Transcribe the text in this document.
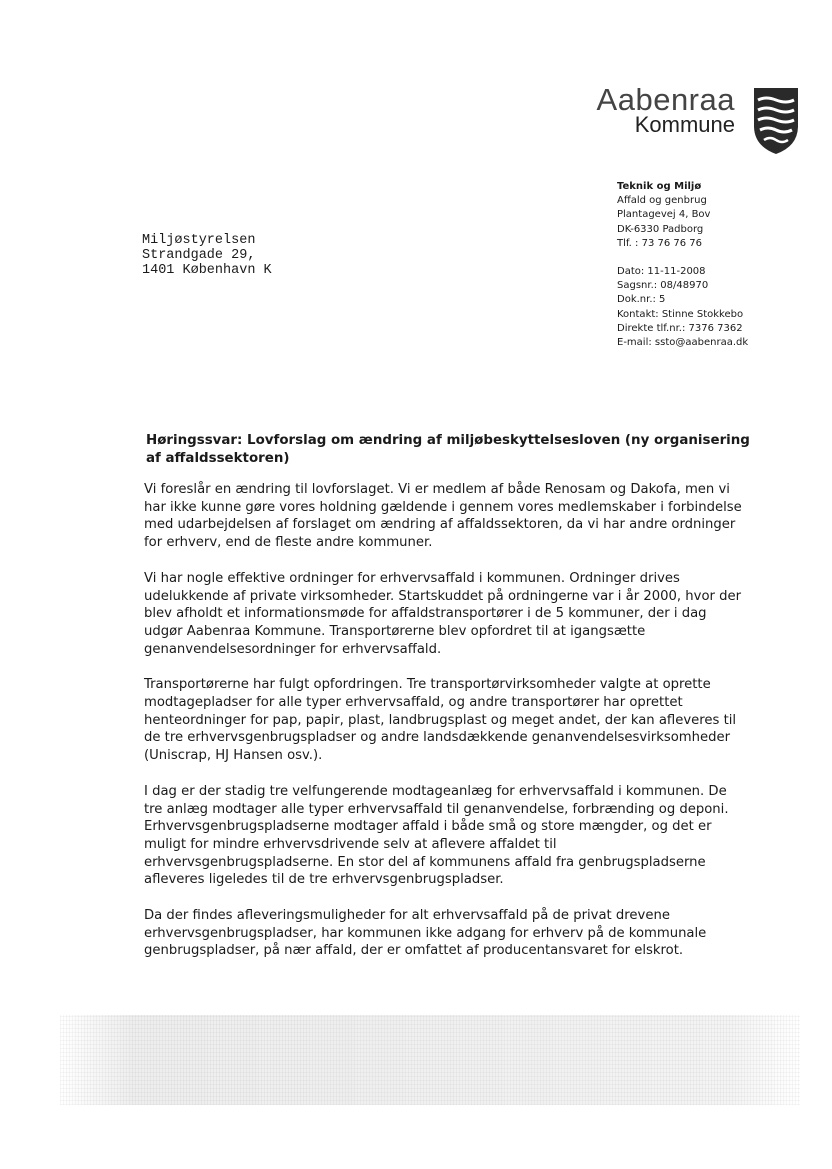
Aabenraa
Kommune
Teknik og Miljø
Affald og genbrug
Plantagevej 4, Bov
DK-6330 Padborg
Tlf. : 73 76 76 76
Miljøstyrelsen
Strandgade 29,
1401 København K	Dato: 11-11-2008
Sagsnr.: 08/48970
Dok.nr.: 5
Kontakt: Stinne Stokkebo
Direkte tlf.nr.: 7376 7362
E-mail: ssto@aabenraa.dk
Høringssvar: Lovforslag om ændring af miljøbeskyttelsesloven (ny organisering af affaldssektoren)

Vi foreslår en ændring til lovforslaget. Vi er medlem af både Renosam og Dakofa, men vi har ikke kunne gøre vores holdning gældende i gennem vores medlemskaber i forbindelse med udarbejdelsen af forslaget om ændring af affaldssektoren, da vi har andre ordninger for erhverv, end de fleste andre kommuner.

Vi har nogle effektive ordninger for erhvervsaffald i kommunen. Ordninger drives udelukkende af private virksomheder. Startskuddet på ordningerne var i år 2000, hvor der blev afholdt et informationsmøde for affaldstransportører i de 5 kommuner, der i dag udgør Aabenraa Kommune. Transportørerne blev opfordret til at igangsætte genanvendelsesordninger for erhvervsaffald.

Transportørerne har fulgt opfordringen. Tre transportørvirksomheder valgte at oprette modtagepladser for alle typer erhvervsaffald, og andre transportører har oprettet henteordninger for pap, papir, plast, landbrugsplast og meget andet, der kan afleveres til de tre erhvervsgenbrugspladser og andre landsdækkende genanvendelsesvirksomheder (Uniscrap, HJ Hansen osv.).

I dag er der stadig tre velfungerende modtageanlæg for erhvervsaffald i kommunen. De tre anlæg modtager alle typer erhvervsaffald til genanvendelse, forbrænding og deponi. Erhvervsgenbrugspladserne modtager affald i både små og store mængder, og det er muligt for mindre erhvervsdrivende selv at aflevere affaldet til erhvervsgenbrugspladserne. En stor del af kommunens affald fra genbrugspladserne afleveres ligeledes til de tre erhvervsgenbrugspladser.

Da der findes afleveringsmuligheder for alt erhvervsaffald på de privat drevene erhvervsgenbrugspladser, har kommunen ikke adgang for erhverv på de kommunale genbrugspladser, på nær affald, der er omfattet af producentansvaret for elskrot.
